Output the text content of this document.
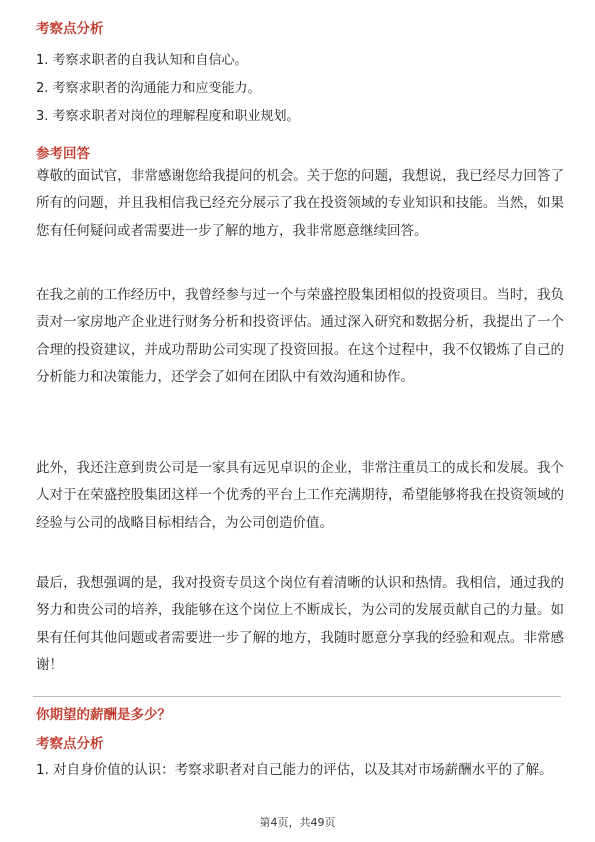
考察点分析
1. 考察求职者的自我认知和自信心。
2. 考察求职者的沟通能力和应变能力。
3. 考察求职者对岗位的理解程度和职业规划。
参考回答
尊敬的面试官，非常感谢您给我提问的机会。关于您的问题，我想说，我已经尽力回答了所有的问题，并且我相信我已经充分展示了我在投资领域的专业知识和技能。当然，如果您有任何疑问或者需要进一步了解的地方，我非常愿意继续回答。
在我之前的工作经历中，我曾经参与过一个与荣盛控股集团相似的投资项目。当时，我负责对一家房地产企业进行财务分析和投资评估。通过深入研究和数据分析，我提出了一个合理的投资建议，并成功帮助公司实现了投资回报。在这个过程中，我不仅锻炼了自己的分析能力和决策能力，还学会了如何在团队中有效沟通和协作。
此外，我还注意到贵公司是一家具有远见卓识的企业，非常注重员工的成长和发展。我个人对于在荣盛控股集团这样一个优秀的平台上工作充满期待，希望能够将我在投资领域的经验与公司的战略目标相结合，为公司创造价值。
最后，我想强调的是，我对投资专员这个岗位有着清晰的认识和热情。我相信，通过我的努力和贵公司的培养，我能够在这个岗位上不断成长，为公司的发展贡献自己的力量。如果有任何其他问题或者需要进一步了解的地方，我随时愿意分享我的经验和观点。非常感谢！
你期望的薪酬是多少？
考察点分析
1. 对自身价值的认识：考察求职者对自己能力的评估，以及其对市场薪酬水平的了解。
第4页，共49页
